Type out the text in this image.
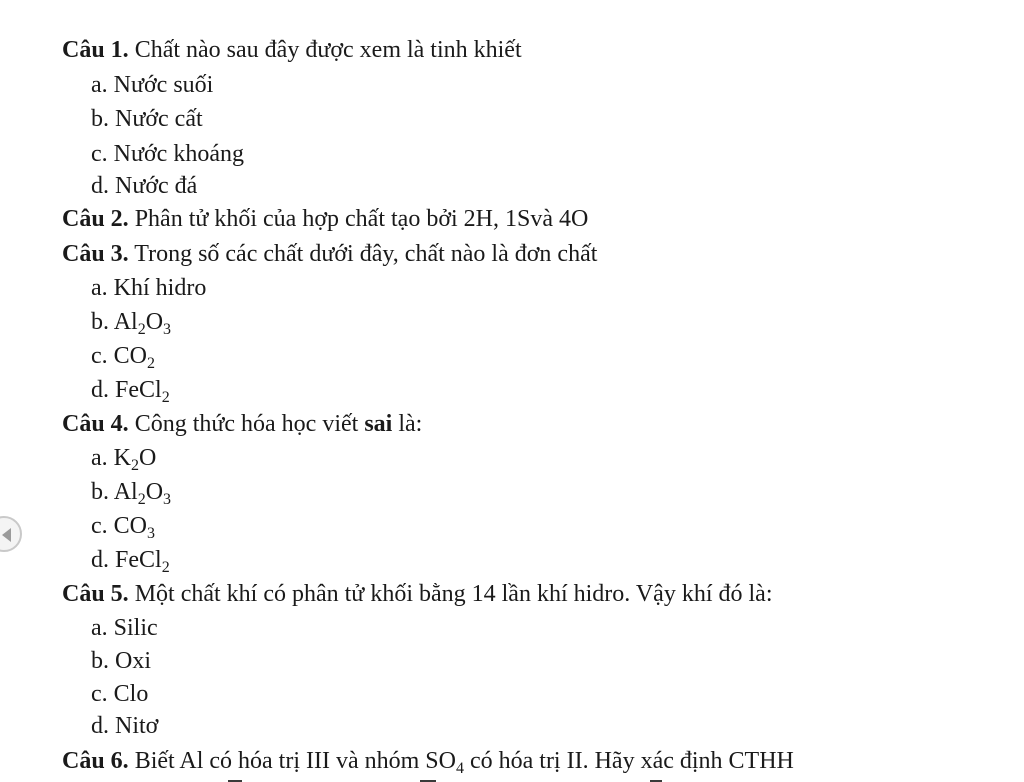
Câu 1. Chất nào sau đây được xem là tinh khiết
a. Nước suối
b. Nước cất
c. Nước khoáng
d. Nước đá
Câu 2. Phân tử khối của hợp chất tạo bởi 2H, 1Svà 4O
Câu 3. Trong số các chất dưới đây, chất nào là đơn chất
a. Khí hidro
b. $Al_2O_3$
c. $CO_2$
d. FeCl$_2$
Câu 4. Công thức hóa học viết sai là:
a. $K_2O$
b. $Al_2O_3$
c. $CO_3$
d. FeCl$_2$
Câu 5. Một chất khí có phân tử khối bằng 14 lần khí hidro. Vậy khí đó là:
a. Silic
b. Oxi
c. Clo
d. Nitơ
Câu 6. Biết Al có hóa trị III và nhóm $SO_4$ có hóa trị II. Hãy xác định CTHH
